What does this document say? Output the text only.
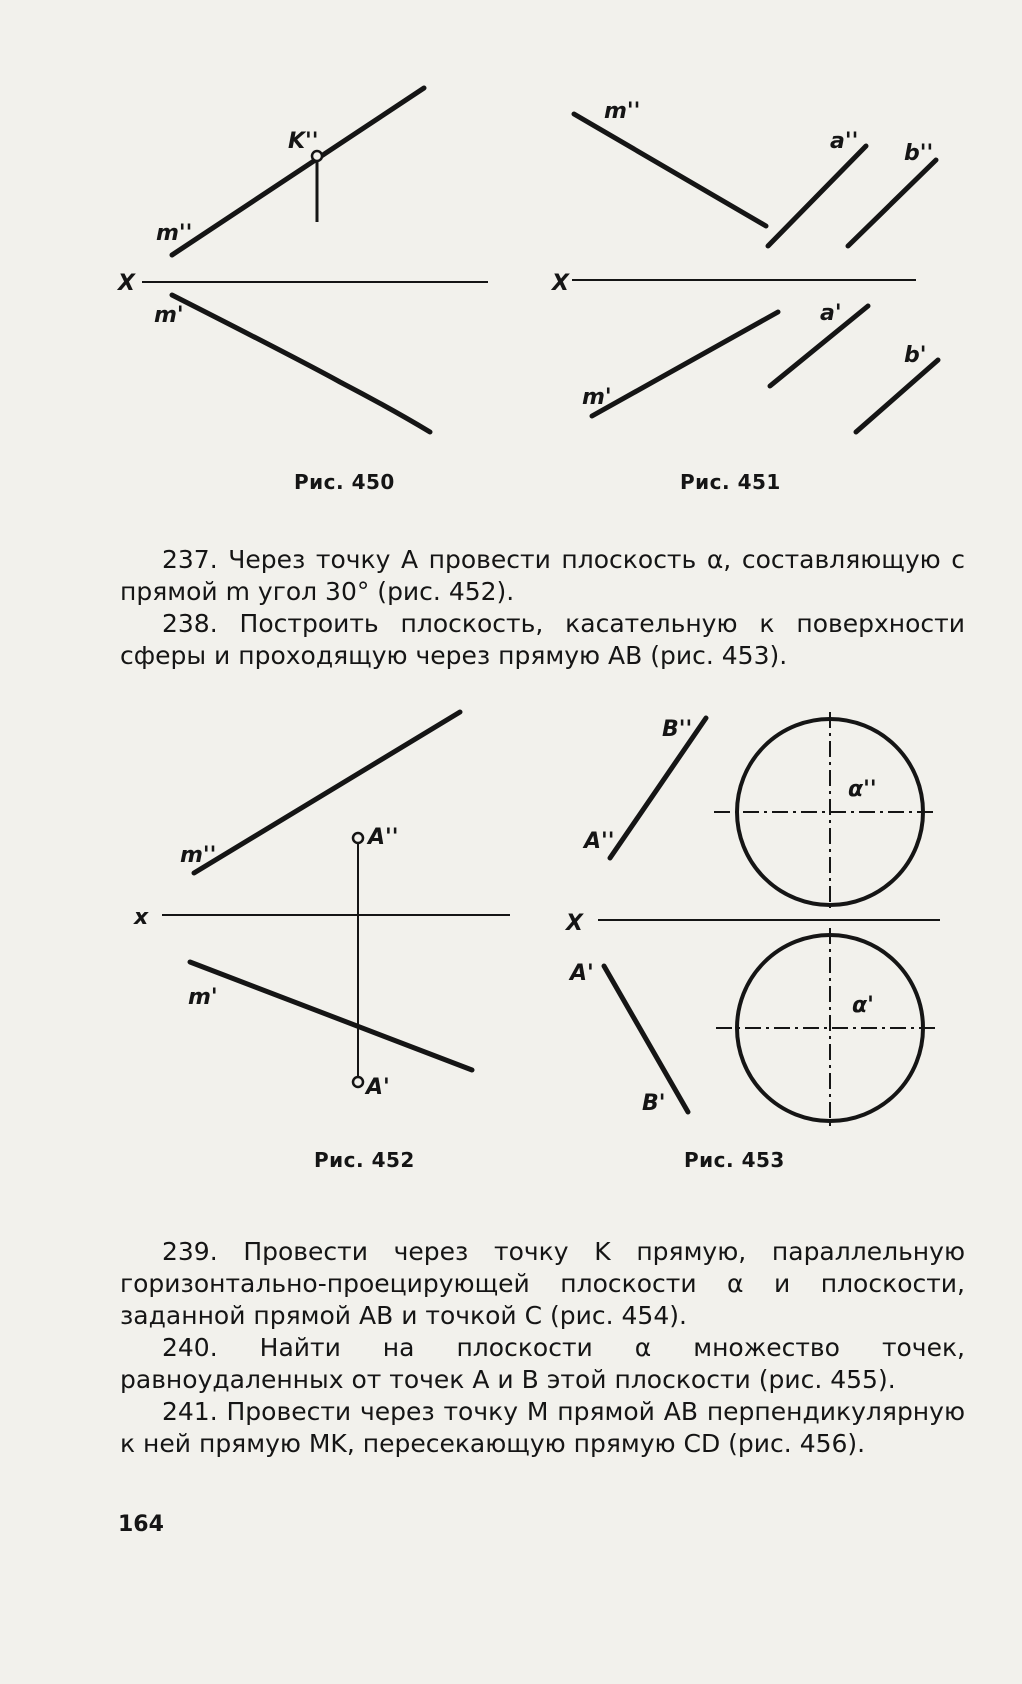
X
K''
m''
m'
X
m''
a'' b''
a'
b'
m'
x
m''
A''
m'
A'
X
B''
A''
α''
A'
B'
α'
Рис. 450	Рис. 451

237. Через точку A провести плоскость α, составляющую с прямой m угол 30° (рис. 452).

238. Построить плоскость, касательную к поверхности сферы и проходящую через прямую AB (рис. 453).

Рис. 452	Рис. 453

239. Провести через точку K прямую, параллельную горизонтально-проецирующей плоскости α и плоскости, заданной прямой AB и точкой C (рис. 454).

240. Найти на плоскости α множество точек, равноудаленных от точек A и B этой плоскости (рис. 455).

241. Провести через точку M прямой AB перпендикулярную к ней прямую MK, пересекающую прямую CD (рис. 456).

164
